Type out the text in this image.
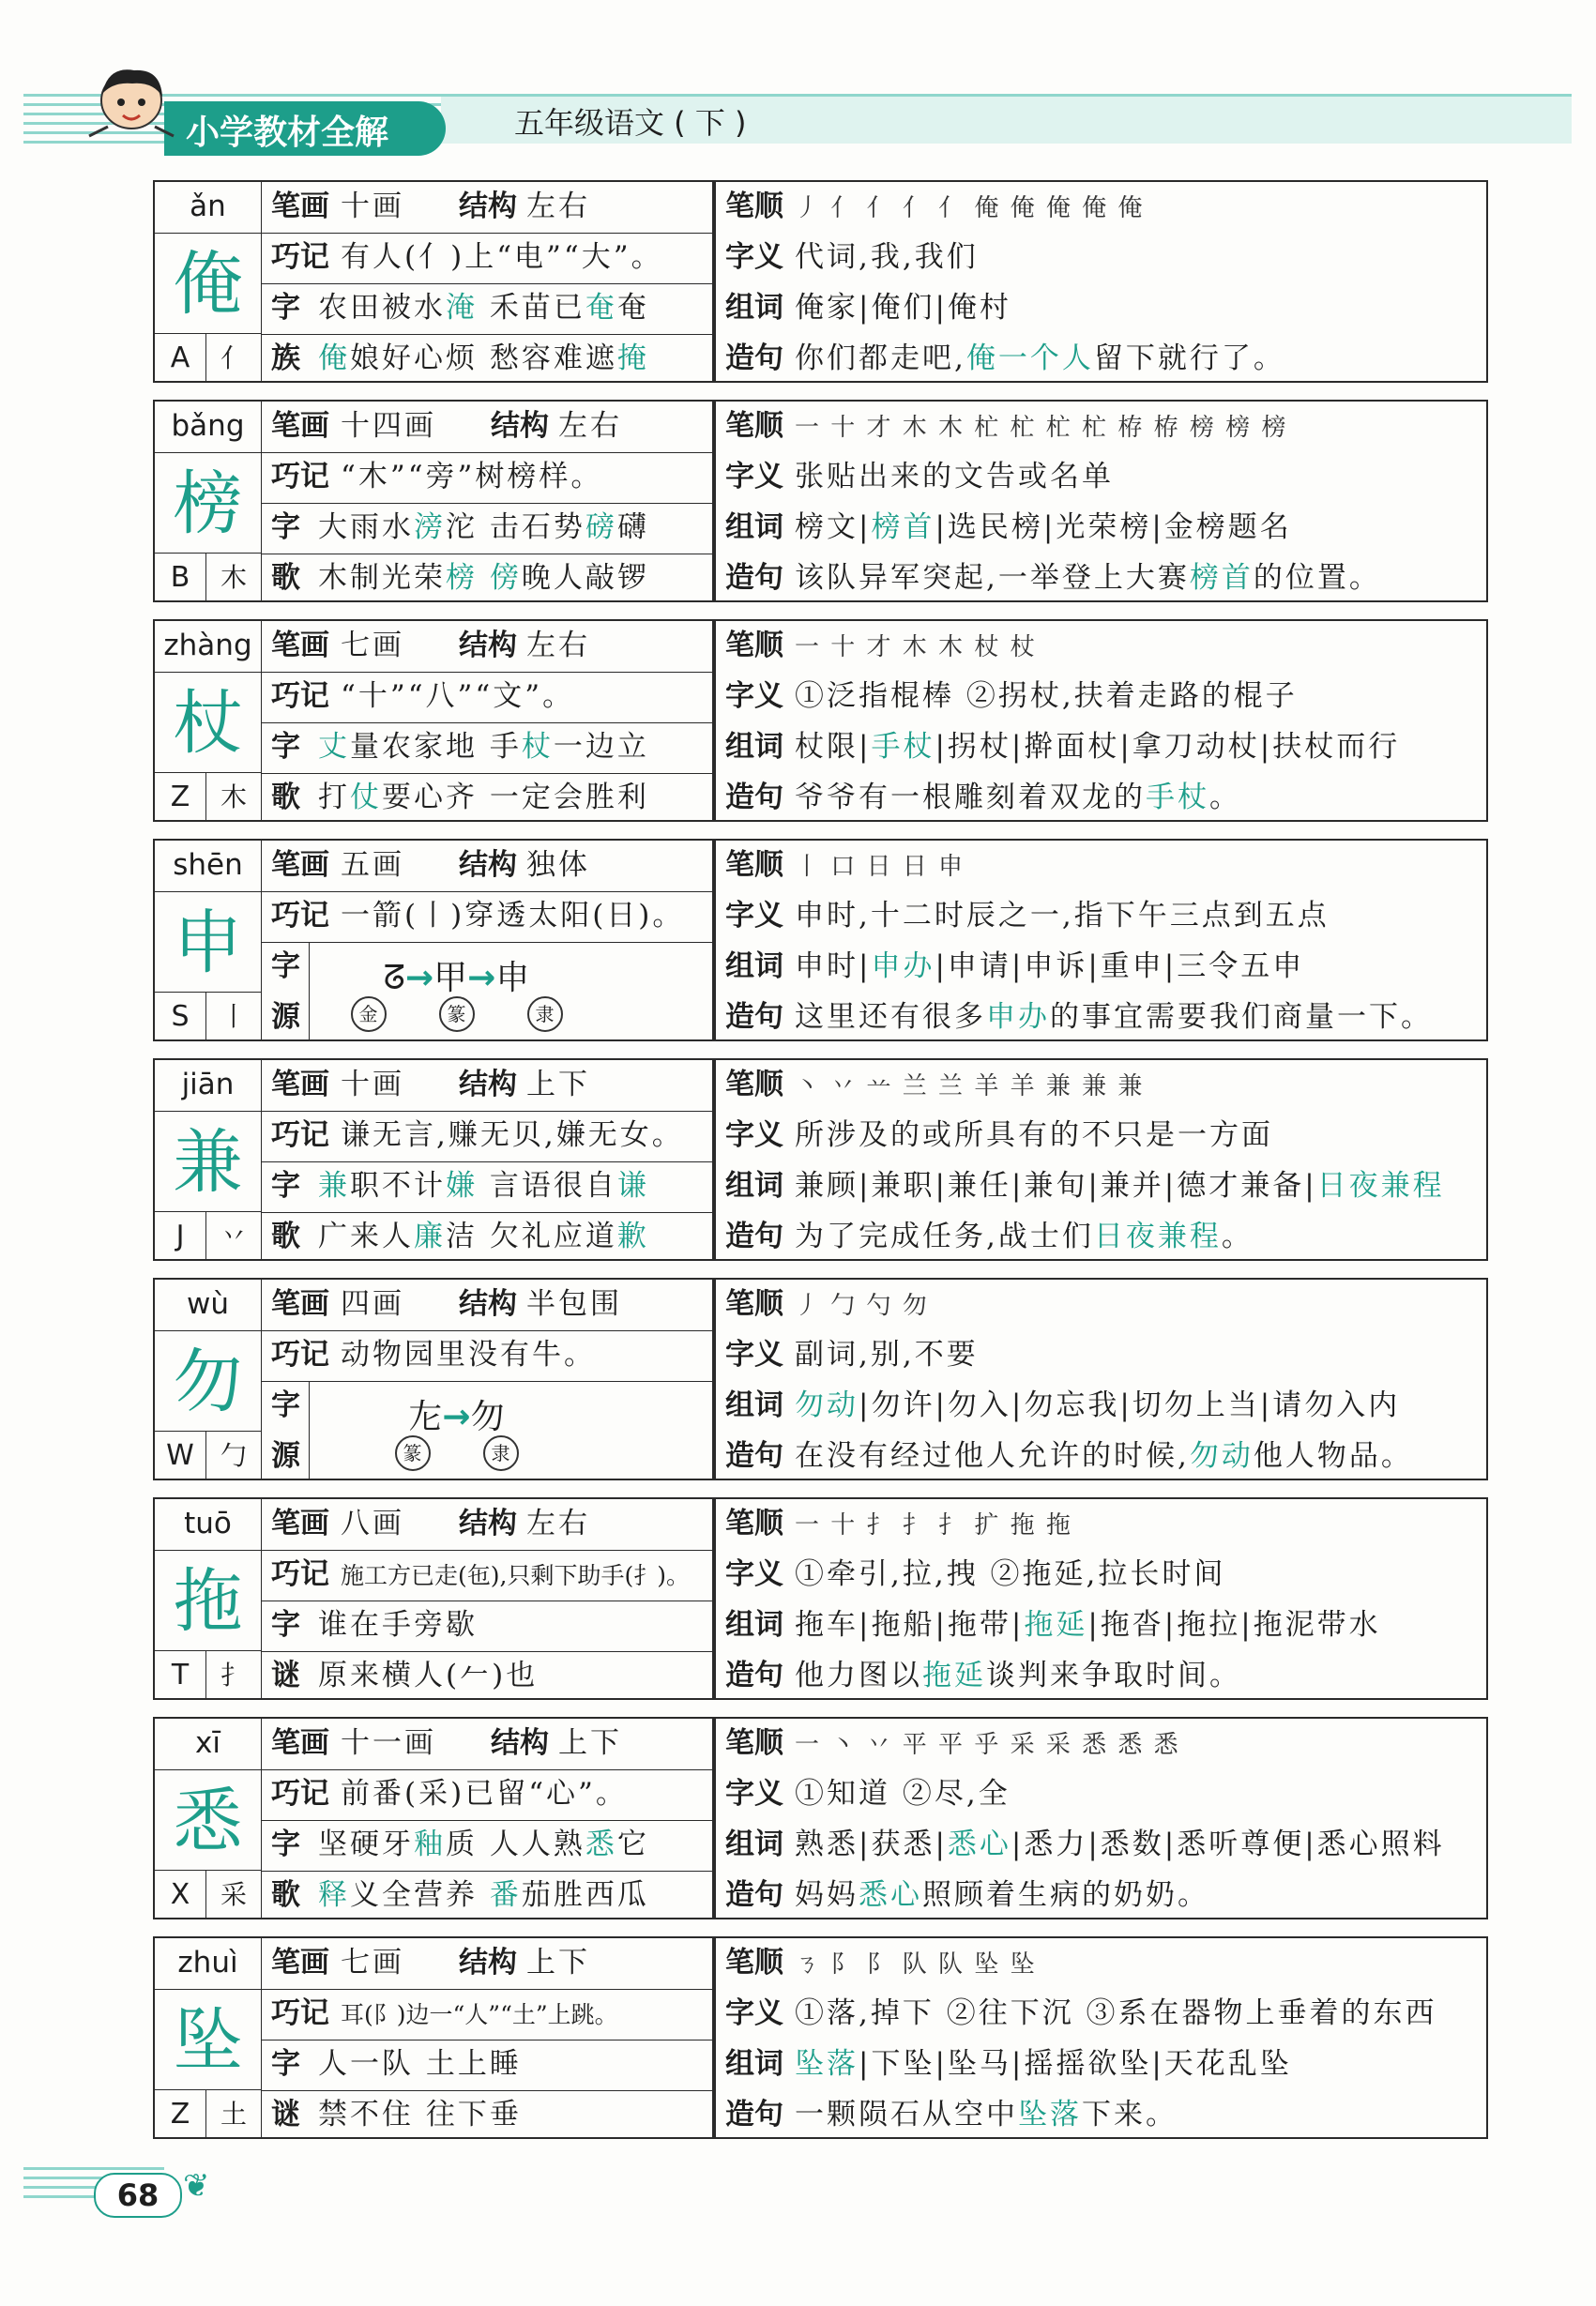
小学教材全解	五年级语文 ( 下 )
ǎn
俺
A	亻
笔画 十画 结构 左右
巧记 有人(亻)上“电”“大”。
字 农田被水淹 禾苗已奄奄
族 俺娘好心烦 愁容难遮掩
笔顺 丿 亻 亻 亻 亻 俺 俺 俺 俺 俺
字义 代词,我,我们
组词 俺家|俺们|俺村
造句 你们都走吧,俺一个人留下就行了。
bǎng
榜
B	木
笔画 十四画 结构 左右
巧记 “木”“旁”树榜样。
字 大雨水滂沱 击石势磅礴
歌 木制光荣榜 傍晚人敲锣
笔顺 一 十 才 木 木 杧 杧 杧 杧 栫 栫 榜 榜 榜
字义 张贴出来的文告或名单
组词 榜文|榜首|选民榜|光荣榜|金榜题名
造句 该队异军突起,一举登上大赛榜首的位置。
zhàng
杖
Z	木
笔画 七画 结构 左右
巧记 “十”“八”“文”。
字 丈量农家地 手杖一边立
歌 打仗要心齐 一定会胜利
笔顺 一 十 才 木 木 杖 杖
字义 ①泛指棍棒 ②拐杖,扶着走路的棍子
组词 杖限|手杖|拐杖|擀面杖|拿刀动杖|扶杖而行
造句 爷爷有一根雕刻着双龙的手杖。
shēn
申
S	丨
笔画 五画 结构 独体
巧记 一箭(丨)穿透太阳(日)。
字
源
ᘔ→甲→申
金	篆	隶
笔顺 丨 口 日 日 申
字义 申时,十二时辰之一,指下午三点到五点
组词 申时|申办|申请|申诉|重申|三令五申
造句 这里还有很多申办的事宜需要我们商量一下。
jiān
兼
J	丷
笔画 十画 结构 上下
巧记 谦无言,赚无贝,嫌无女。
字 兼职不计嫌 言语很自谦
歌 广来人廉洁 欠礼应道歉
笔顺 丶 丷 䒑 兰 兰 羊 羊 兼 兼 兼
字义 所涉及的或所具有的不只是一方面
组词 兼顾|兼职|兼任|兼旬|兼并|德才兼备|日夜兼程
造句 为了完成任务,战士们日夜兼程。
wù
勿
W	勹
笔画 四画 结构 半包围
巧记 动物园里没有牛。
字
源
㔫→勿
篆	隶
笔顺 丿 勹 勺 勿
字义 副词,别,不要
组词 勿动|勿许|勿入|勿忘我|切勿上当|请勿入内
造句 在没有经过他人允许的时候,勿动他人物品。
tuō
拖
T	扌
笔画 八画 结构 左右
巧记 施工方已走(㐌),只剩下助手(扌)。
字 谁在手旁歇
谜 原来横人(𠂉)也
笔顺 一 十 扌 扌 扌 扩 拖 拖
字义 ①牵引,拉,拽 ②拖延,拉长时间
组词 拖车|拖船|拖带|拖延|拖沓|拖拉|拖泥带水
造句 他力图以拖延谈判来争取时间。
xī
悉
X	采
笔画 十一画 结构 上下
巧记 前番(采)已留“心”。
字 坚硬牙釉质 人人熟悉它
歌 释义全营养 番茄胜西瓜
笔顺 一 丶 丷 平 平 乎 采 采 悉 悉 悉
字义 ①知道 ②尽,全
组词 熟悉|获悉|悉心|悉力|悉数|悉听尊便|悉心照料
造句 妈妈悉心照顾着生病的奶奶。
zhuì
坠
Z	土
笔画 七画 结构 上下
巧记 耳(阝)边一“人”“土”上跳。
字 人一队 土上睡
谜 禁不住 往下垂
笔顺 ㄋ 阝 阝 队 队 坠 坠
字义 ①落,掉下 ②往下沉 ③系在器物上垂着的东西
组词 坠落|下坠|坠马|摇摇欲坠|天花乱坠
造句 一颗陨石从空中坠落下来。
68 ❦
